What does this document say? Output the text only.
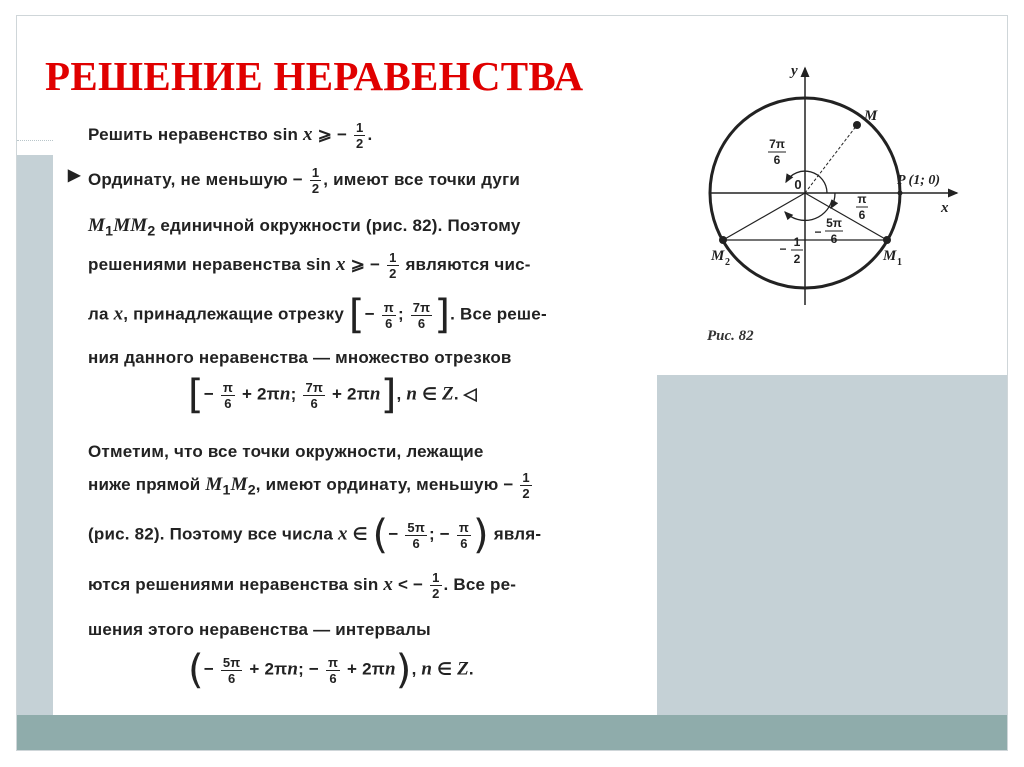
РЕШЕНИЕ НЕРАВЕНСТВА
Решить неравенство sin x ⩾ − $\frac{1}{2}$ .
▶ Ординату, не меньшую − $\frac{1}{2}$ , имеют все точки дуги
$M_1MM_2$ единичной окружности (рис. 82). Поэтому
решениями неравенства sin x ⩾ − $\frac{1}{2}$ являются чис-
ла x, принадлежащие отрезку [− $\frac{\pi}{6}$ ; $\frac{7\pi}{6}$ ]. Все реше-
ния данного неравенства — множество отрезков
[− $\frac{\pi}{6} + 2\pi n$; $\frac{7\pi}{6} + 2\pi n$], n ∈ Z. ◁
Отметим, что все точки окружности, лежащие
ниже прямой $M_1M_2$, имеют ординату, меньшую − $\frac{1}{2}$
(рис. 82). Поэтому все числа x ∈ (− $\frac{5\pi}{6}$ ; − $\frac{\pi}{6}$ ) явля-
ются решениями неравенства sin x < − $\frac{1}{2}$ . Все ре-
шения этого неравенства — интервалы
(− $\frac{5\pi}{6} + 2\pi n$; − $\frac{\pi}{6} + 2\pi n$), n ∈ Z.
y
x
M
P (1; 0)
M 1
M 2
0
7π
6
π
6
5π
6
−
− 1
2
Рис. 82
